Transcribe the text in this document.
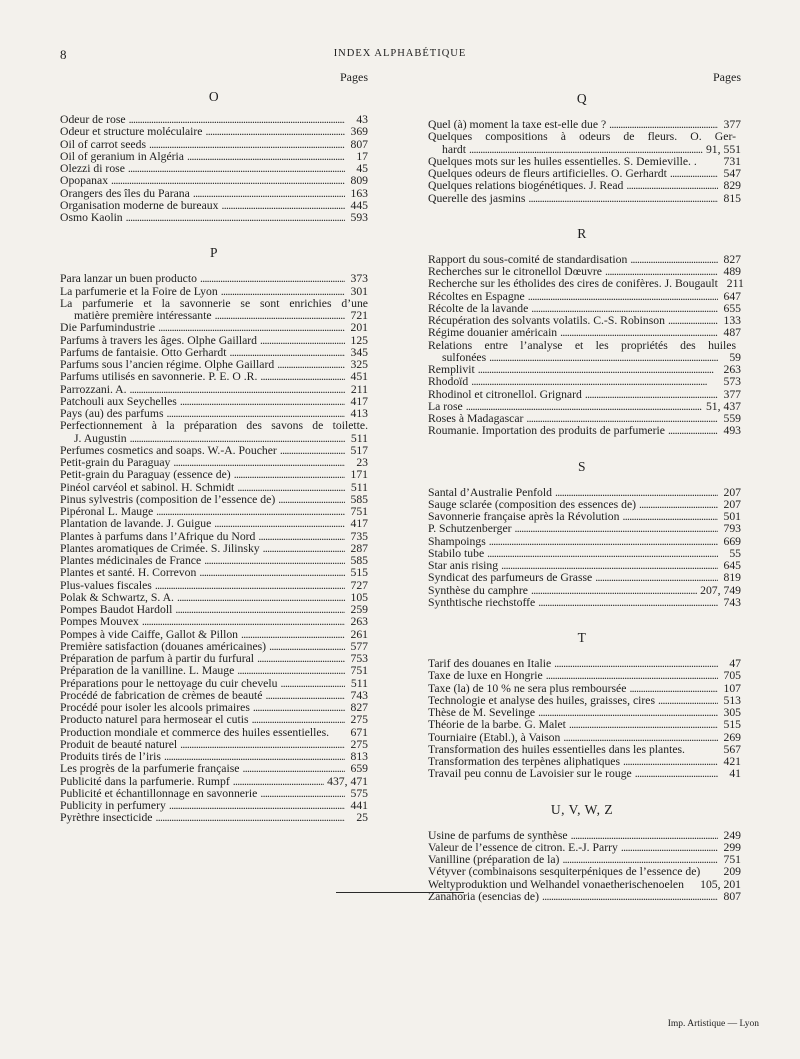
8	INDEX ALPHABÉTIQUE
Pages
O
Odeur de rose . . .	43
Odeur et structure moléculaire . . .	369
Oil of carrot seeds . . .	807
Oil of geranium in Algéria . . .	17
Olezzi di rose . . .	45
Opopanax . . .	809
Orangers des îles du Parana . . .	163
Organisation moderne de bureaux . . .	445
Osmo Kaolin . . .	593
P
Para lanzar un buen producto . . .	373
La parfumerie et la Foire de Lyon . . .	301
La parfumerie et la savonnerie se sont enrichies d’une
matière première intéressante . . .	721
Die Parfumindustrie . . .	201
Parfums à travers les âges. Olphe Gaillard . . .	125
Parfums de fantaisie. Otto Gerhardt . . .	345
Parfums sous l’ancien régime. Olphe Gaillard . . .	325
Parfums utilisés en savonnerie. P. E. O .R. . . .	451
Parrozzani. A. . . .	211
Patchouli aux Seychelles . . .	417
Pays (au) des parfums . . .	413
Perfectionnement à la préparation des savons de toilette.
J. Augustin . . .	511
Perfumes cosmetics and soaps. W.-A. Poucher . . .	517
Petit-grain du Paraguay . . .	23
Petit-grain du Paraguay (essence de) . . .	171
Pinéol carvéol et sabinol. H. Schmidt . . .	511
Pinus sylvestris (composition de l’essence de) . . .	585
Pipéronal L. Mauge . . .	751
Plantation de lavande. J. Guigue . . .	417
Plantes à parfums dans l’Afrique du Nord . . .	735
Plantes aromatiques de Crimée. S. Jilinsky . . .	287
Plantes médicinales de France . . .	585
Plantes et santé. H. Correvon . . .	515
Plus-values fiscales . . .	727
Polak & Schwartz, S. A. . . .	105
Pompes Baudot Hardoll . . .	259
Pompes Mouvex . . .	263
Pompes à vide Caiffe, Gallot & Pillon . . .	261
Première satisfaction (douanes américaines) . . .	577
Préparation de parfum à partir du furfural . . .	753
Préparation de la vanilline. L. Mauge . . .	751
Préparations pour le nettoyage du cuir chevelu . . .	511
Procédé de fabrication de crèmes de beauté . . .	743
Procédé pour isoler les alcools primaires . . .	827
Producto naturel para hermosear el cutis . . .	275
Production mondiale et commerce des huiles essentielles. 671
Produit de beauté naturel . . .	275
Produits tirés de l’iris . . .	813
Les progrès de la parfumerie française . . .	659
Publicité dans la parfumerie. Rumpf . . .	437, 471
Publicité et échantillonnage en savonnerie . . .	575
Publicity in perfumery . . .	441
Pyrèthre insecticide . . .	25
Pages
Q
Quel (à) moment la taxe est-elle due ? . . .	377
Quelques compositions à odeurs de fleurs. O. Ger-
hardt . . .	91, 551
Quelques mots sur les huiles essentielles. S. Demieville. . 731
Quelques odeurs de fleurs artificielles. O. Gerhardt . . .	547
Quelques relations biogénétiques. J. Read . . .	829
Querelle des jasmins . . .	815
R
Rapport du sous-comité de standardisation . . .	827
Recherches sur le citronellol Dœuvre . . .	489
Recherche sur les étholides des cires de conifères. J. Bougault 211
Récoltes en Espagne . . .	647
Récolte de la lavande . . .	655
Récupération des solvants volatils. C.-S. Robinson . . .	133
Régime douanier américain . . .	487
Relations entre l’analyse et les propriétés des huiles
sulfonées . . .	59
Remplivit . . .	263
Rhodoïd . . .	573
Rhodinol et citronellol. Grignard . . .	377
La rose . . .	51, 437
Roses à Madagascar . . .	559
Roumanie. Importation des produits de parfumerie . . .	493
S
Santal d’Australie Penfold . . .	207
Sauge sclarée (composition des essences de) . . .	207
Savonnerie française après la Révolution . . .	501
P. Schutzenberger . . .	793
Shampoings . . .	669
Stabilo tube . . .	55
Star anis rising . . .	645
Syndicat des parfumeurs de Grasse . . .	819
Synthèse du camphre . . .	207, 749
Synthtische riechstoffe . . .	743
T
Tarif des douanes en Italie . . .	47
Taxe de luxe en Hongrie . . .	705
Taxe (la) de 10 % ne sera plus remboursée . . .	107
Technologie et analyse des huiles, graisses, cires . . .	513
Thèse de M. Sevelinge . . .	305
Théorie de la barbe. G. Malet . . .	515
Tourniaire (Etabl.), à Vaison . . .	269
Transformation des huiles essentielles dans les plantes.	567
Transformation des terpènes aliphatiques . . .	421
Travail peu connu de Lavoisier sur le rouge . . .	41
U, V, W, Z
Usine de parfums de synthèse . . .	249
Valeur de l’essence de citron. E.-J. Parry . . .	299
Vanilline (préparation de la) . . .	751
Vétyver (combinaisons sesquiterpéniques de l’essence de) 209
Weltyproduktion und Welhandel vonaetherischenoelen 105, 201
Zanahoria (esencias de) . . .	807
Imp. Artistique — Lyon
